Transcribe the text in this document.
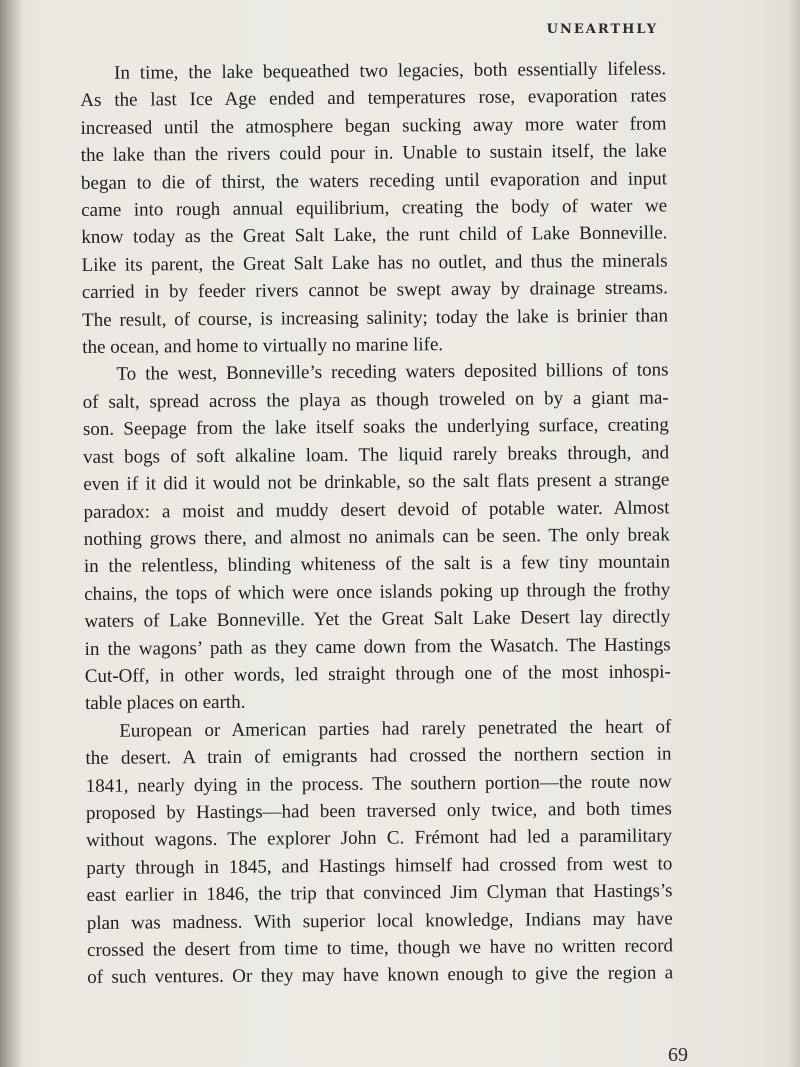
UNEARTHLY
In time, the lake bequeathed two legacies, both essentially lifeless.
As the last Ice Age ended and temperatures rose, evaporation rates
increased until the atmosphere began sucking away more water from
the lake than the rivers could pour in. Unable to sustain itself, the lake
began to die of thirst, the waters receding until evaporation and input
came into rough annual equilibrium, creating the body of water we
know today as the Great Salt Lake, the runt child of Lake Bonneville.
Like its parent, the Great Salt Lake has no outlet, and thus the minerals
carried in by feeder rivers cannot be swept away by drainage streams.
The result, of course, is increasing salinity; today the lake is brinier than
the ocean, and home to virtually no marine life.
To the west, Bonneville’s receding waters deposited billions of tons
of salt, spread across the playa as though troweled on by a giant ma-
son. Seepage from the lake itself soaks the underlying surface, creating
vast bogs of soft alkaline loam. The liquid rarely breaks through, and
even if it did it would not be drinkable, so the salt flats present a strange
paradox: a moist and muddy desert devoid of potable water. Almost
nothing grows there, and almost no animals can be seen. The only break
in the relentless, blinding whiteness of the salt is a few tiny mountain
chains, the tops of which were once islands poking up through the frothy
waters of Lake Bonneville. Yet the Great Salt Lake Desert lay directly
in the wagons’ path as they came down from the Wasatch. The Hastings
Cut-Off, in other words, led straight through one of the most inhospi-
table places on earth.
European or American parties had rarely penetrated the heart of
the desert. A train of emigrants had crossed the northern section in
1841, nearly dying in the process. The southern portion—the route now
proposed by Hastings—had been traversed only twice, and both times
without wagons. The explorer John C. Frémont had led a paramilitary
party through in 1845, and Hastings himself had crossed from west to
east earlier in 1846, the trip that convinced Jim Clyman that Hastings’s
plan was madness. With superior local knowledge, Indians may have
crossed the desert from time to time, though we have no written record
of such ventures. Or they may have known enough to give the region a
69
